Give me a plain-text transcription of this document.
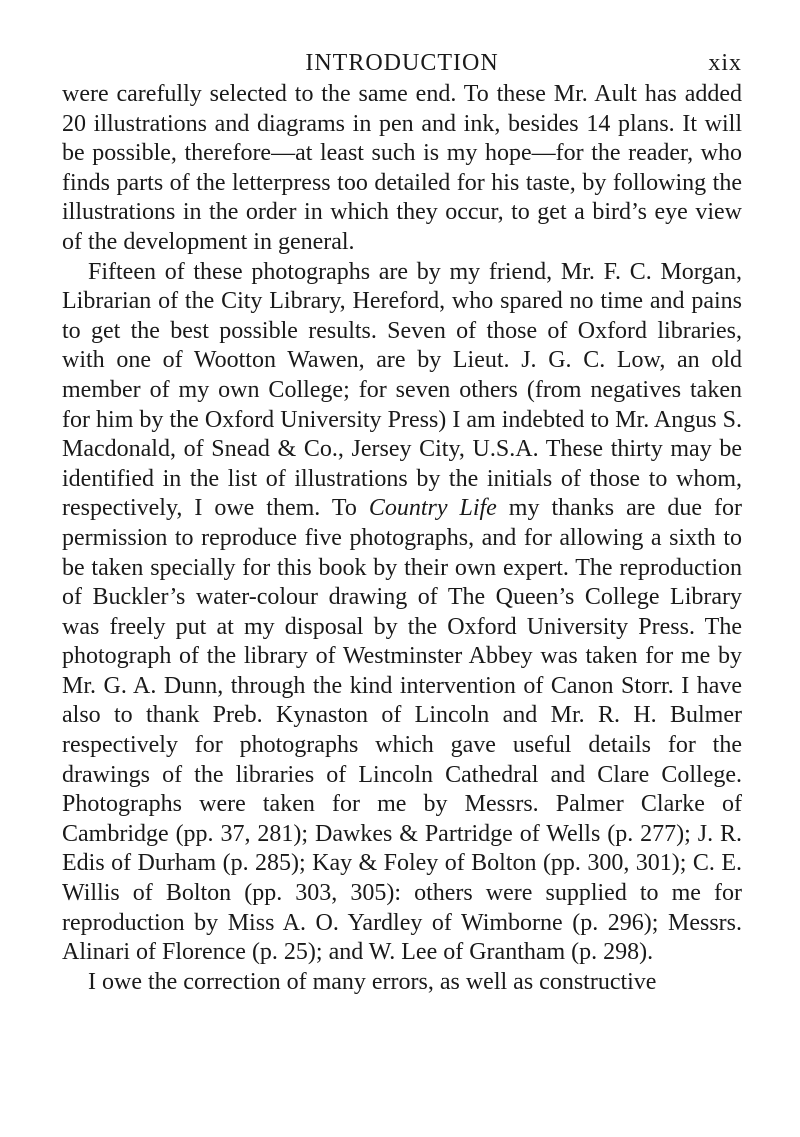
INTRODUCTION	xix

were carefully selected to the same end. To these Mr. Ault has added 20 illustrations and diagrams in pen and ink, besides 14 plans. It will be possible, therefore—at least such is my hope—for the reader, who finds parts of the letterpress too detailed for his taste, by following the illustrations in the order in which they occur, to get a bird’s eye view of the development in general.

Fifteen of these photographs are by my friend, Mr. F. C. Morgan, Librarian of the City Library, Hereford, who spared no time and pains to get the best possible results. Seven of those of Oxford libraries, with one of Wootton Wawen, are by Lieut. J. G. C. Low, an old member of my own College; for seven others (from negatives taken for him by the Oxford University Press) I am indebted to Mr. Angus S. Macdonald, of Snead & Co., Jersey City, U.S.A. These thirty may be identified in the list of illustrations by the initials of those to whom, respectively, I owe them. To Country Life my thanks are due for permission to reproduce five photographs, and for allowing a sixth to be taken specially for this book by their own expert. The reproduction of Buckler’s water-colour drawing of The Queen’s College Library was freely put at my disposal by the Oxford University Press. The photograph of the library of Westminster Abbey was taken for me by Mr. G. A. Dunn, through the kind intervention of Canon Storr. I have also to thank Preb. Kynaston of Lincoln and Mr. R. H. Bulmer respectively for photographs which gave useful details for the drawings of the libraries of Lincoln Cathedral and Clare College. Photographs were taken for me by Messrs. Palmer Clarke of Cambridge (pp. 37, 281); Dawkes & Partridge of Wells (p. 277); J. R. Edis of Durham (p. 285); Kay & Foley of Bolton (pp. 300, 301); C. E. Willis of Bolton (pp. 303, 305): others were supplied to me for reproduction by Miss A. O. Yardley of Wimborne (p. 296); Messrs. Alinari of Florence (p. 25); and W. Lee of Grantham (p. 298).

I owe the correction of many errors, as well as constructive
